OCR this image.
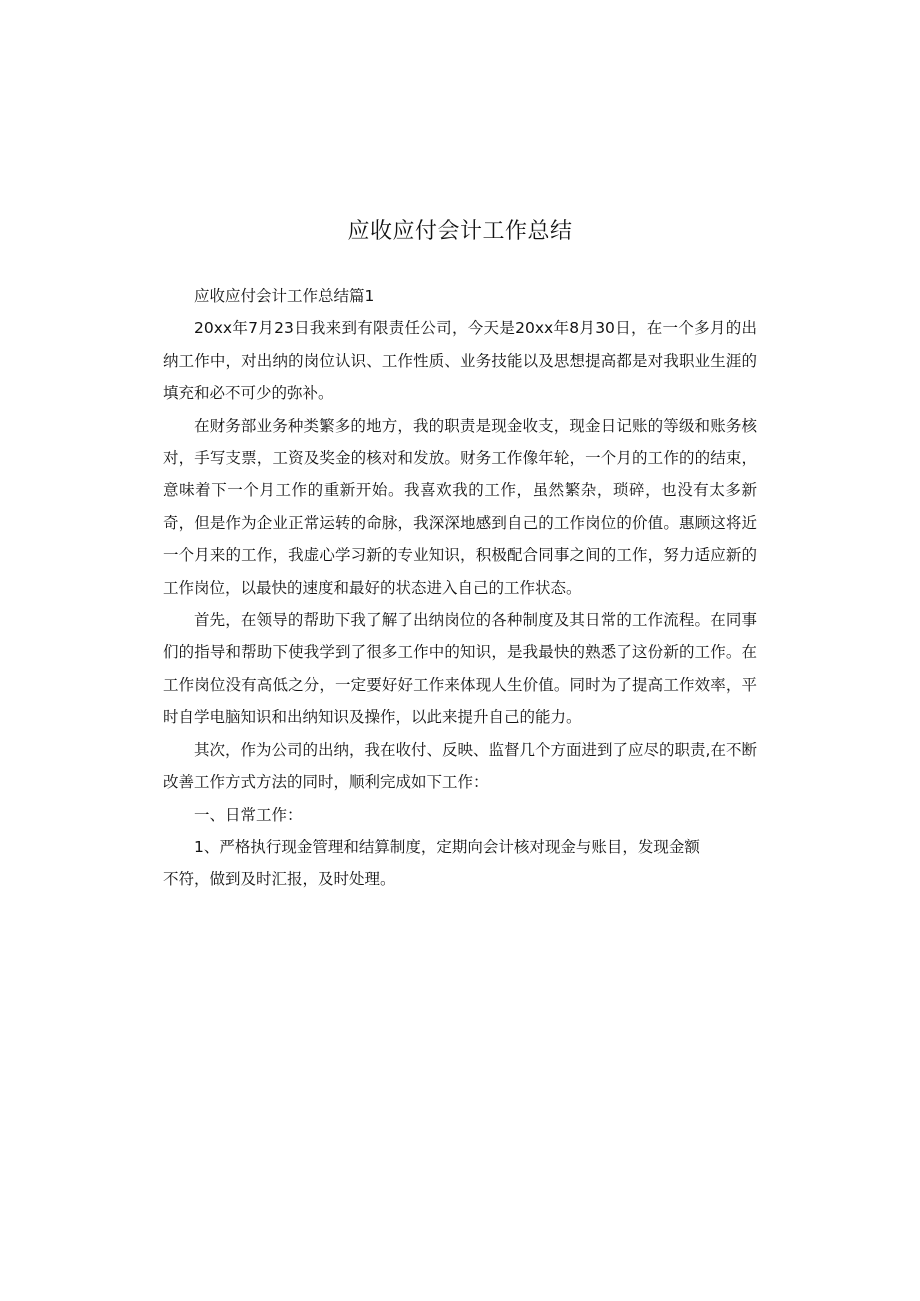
应收应付会计工作总结

应收应付会计工作总结篇1

20xx年7月23日我来到有限责任公司，今天是20xx年8月30日，在一个多月的出纳工作中，对出纳的岗位认识、工作性质、业务技能以及思想提高都是对我职业生涯的填充和必不可少的弥补。

在财务部业务种类繁多的地方，我的职责是现金收支，现金日记账的等级和账务核对，手写支票，工资及奖金的核对和发放。财务工作像年轮，一个月的工作的的结束，意味着下一个月工作的重新开始。我喜欢我的工作，虽然繁杂，琐碎，也没有太多新奇，但是作为企业正常运转的命脉，我深深地感到自己的工作岗位的价值。惠顾这将近一个月来的工作，我虚心学习新的专业知识，积极配合同事之间的工作，努力适应新的工作岗位，以最快的速度和最好的状态进入自己的工作状态。

首先，在领导的帮助下我了解了出纳岗位的各种制度及其日常的工作流程。在同事们的指导和帮助下使我学到了很多工作中的知识，是我最快的熟悉了这份新的工作。在工作岗位没有高低之分，一定要好好工作来体现人生价值。同时为了提高工作效率，平时自学电脑知识和出纳知识及操作，以此来提升自己的能力。

其次，作为公司的出纳，我在收付、反映、监督几个方面进到了应尽的职责,在不断改善工作方式方法的同时，顺利完成如下工作：

一、日常工作：

1、严格执行现金管理和结算制度，定期向会计核对现金与账目，发现金额

不符，做到及时汇报，及时处理。
